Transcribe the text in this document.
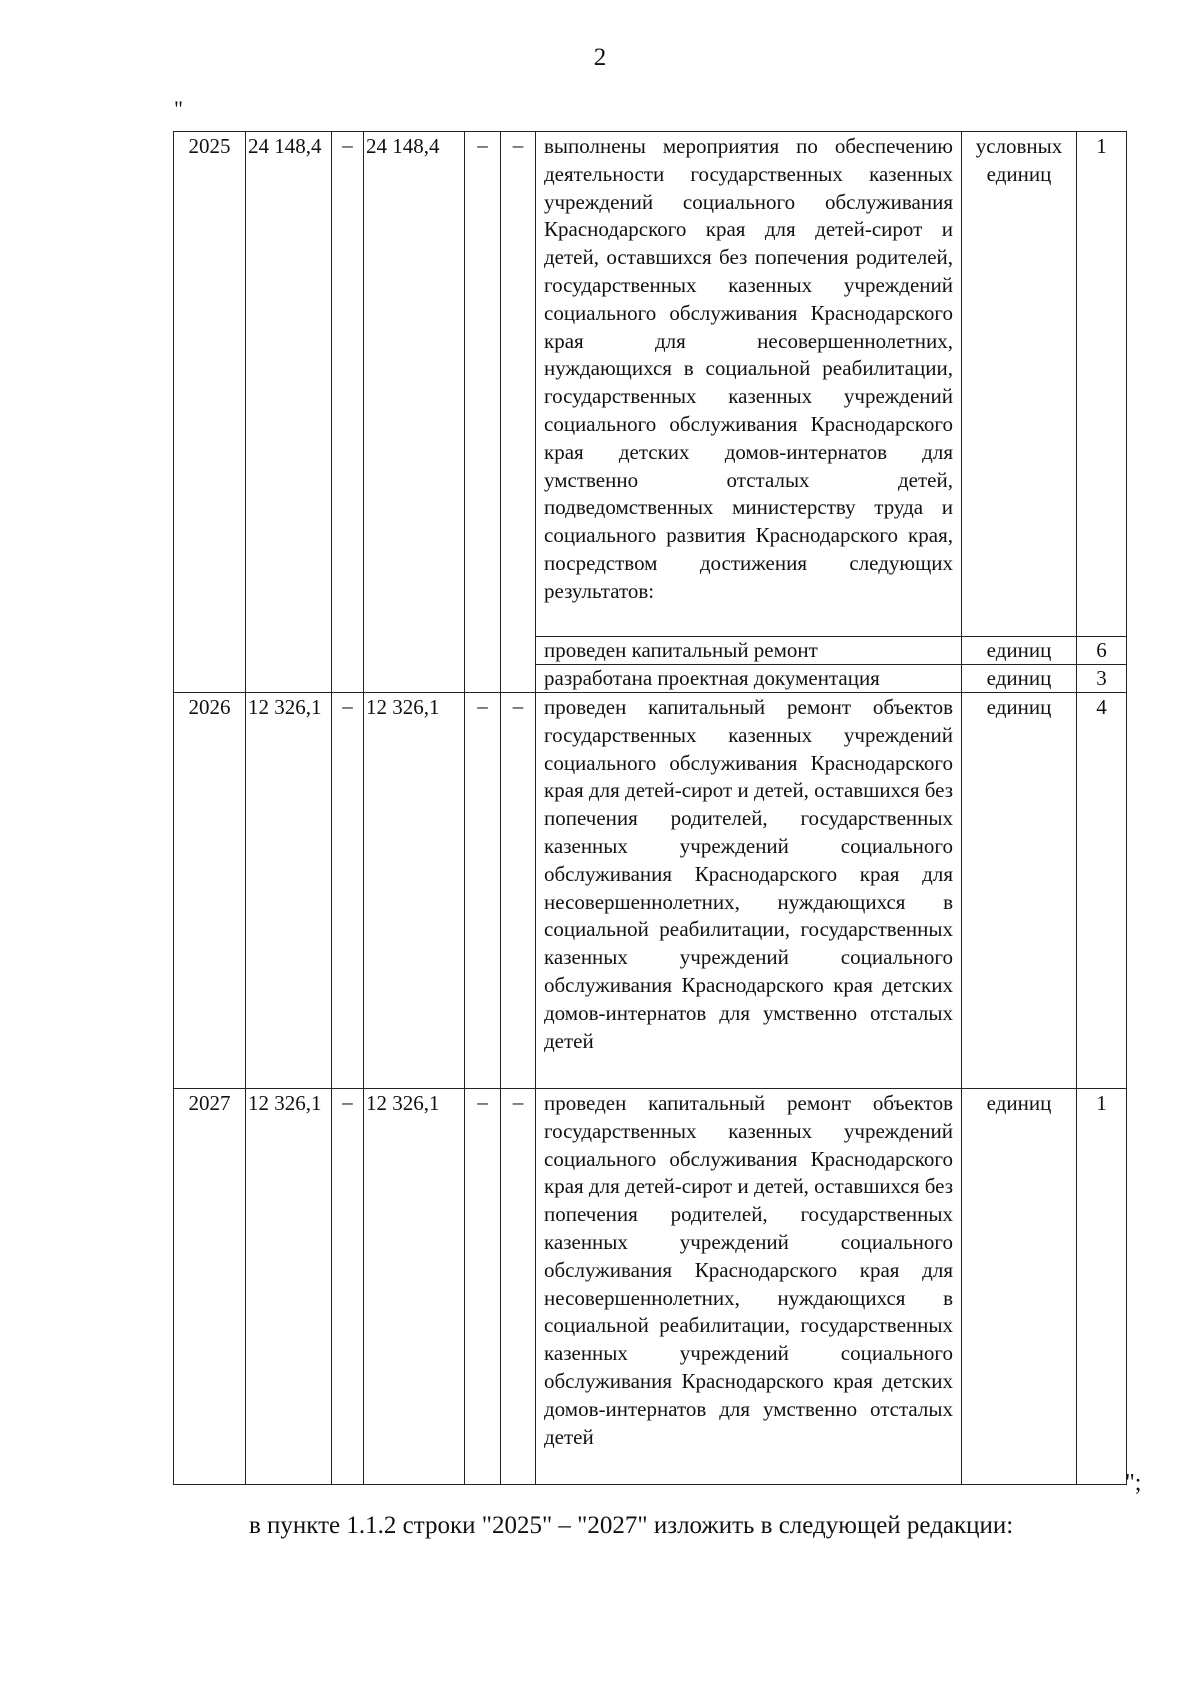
2
"
2025	24 148,4	–	24 148,4	–	–	выполнены мероприятия по обеспечению деятельности государственных казенных учреждений социального обслуживания Краснодарского края для детей-сирот и детей, оставшихся без попечения родителей, государственных казенных учреждений социального обслуживания Краснодарского края для несовершеннолетних, нуждающихся в социальной реабилитации, государственных казенных учреждений социального обслуживания Краснодарского края детских домов-интернатов для умственно отсталых детей, подведомственных министерству труда и социального развития Краснодарского края, посредством достижения следующих результатов:	условных единиц	1
						проведен капитальный ремонт	единиц	6
						разработана проектная документация	единиц	3
2026	12 326,1	–	12 326,1	–	–	проведен капитальный ремонт объектов государственных казенных учреждений социального обслуживания Краснодарского края для детей-сирот и детей, оставшихся без попечения родителей, государственных казенных учреждений социального обслуживания Краснодарского края для несовершеннолетних, нуждающихся в социальной реабилитации, государственных казенных учреждений социального обслуживания Краснодарского края детских домов-интернатов для умственно отсталых детей	единиц	4
2027	12 326,1	–	12 326,1	–	–	проведен капитальный ремонт объектов государственных казенных учреждений социального обслуживания Краснодарского края для детей-сирот и детей, оставшихся без попечения родителей, государственных казенных учреждений социального обслуживания Краснодарского края для несовершеннолетних, нуждающихся в социальной реабилитации, государственных казенных учреждений социального обслуживания Краснодарского края детских домов-интернатов для умственно отсталых детей	единиц	1
";
в пункте 1.1.2 строки "2025" – "2027" изложить в следующей редакции:
